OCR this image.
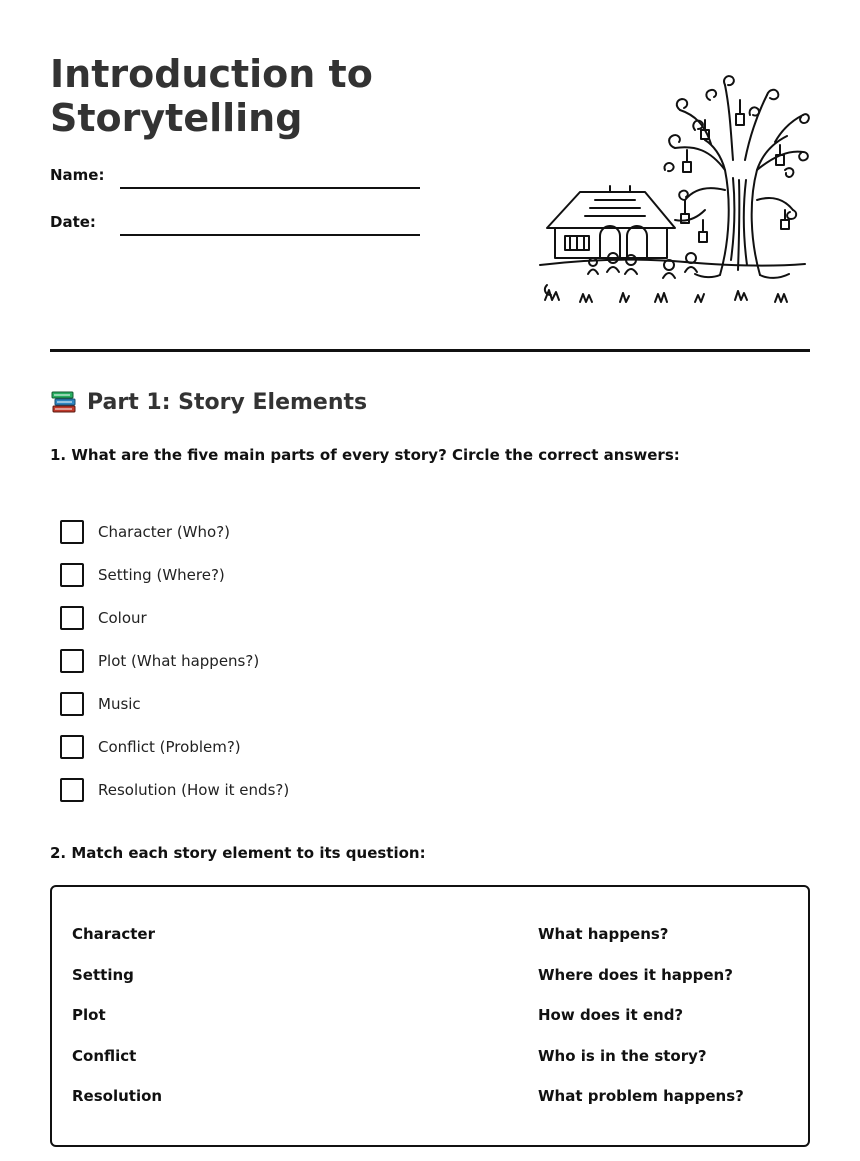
Introduction to Storytelling
Name:
Date:
Part 1: Story Elements
1. What are the five main parts of every story? Circle the correct answers:
Character (Who?)
Setting (Where?)
Colour
Plot (What happens?)
Music
Conflict (Problem?)
Resolution (How it ends?)
2. Match each story element to its question:
Character
Setting
Plot
Conflict
Resolution
What happens?
Where does it happen?
How does it end?
Who is in the story?
What problem happens?
